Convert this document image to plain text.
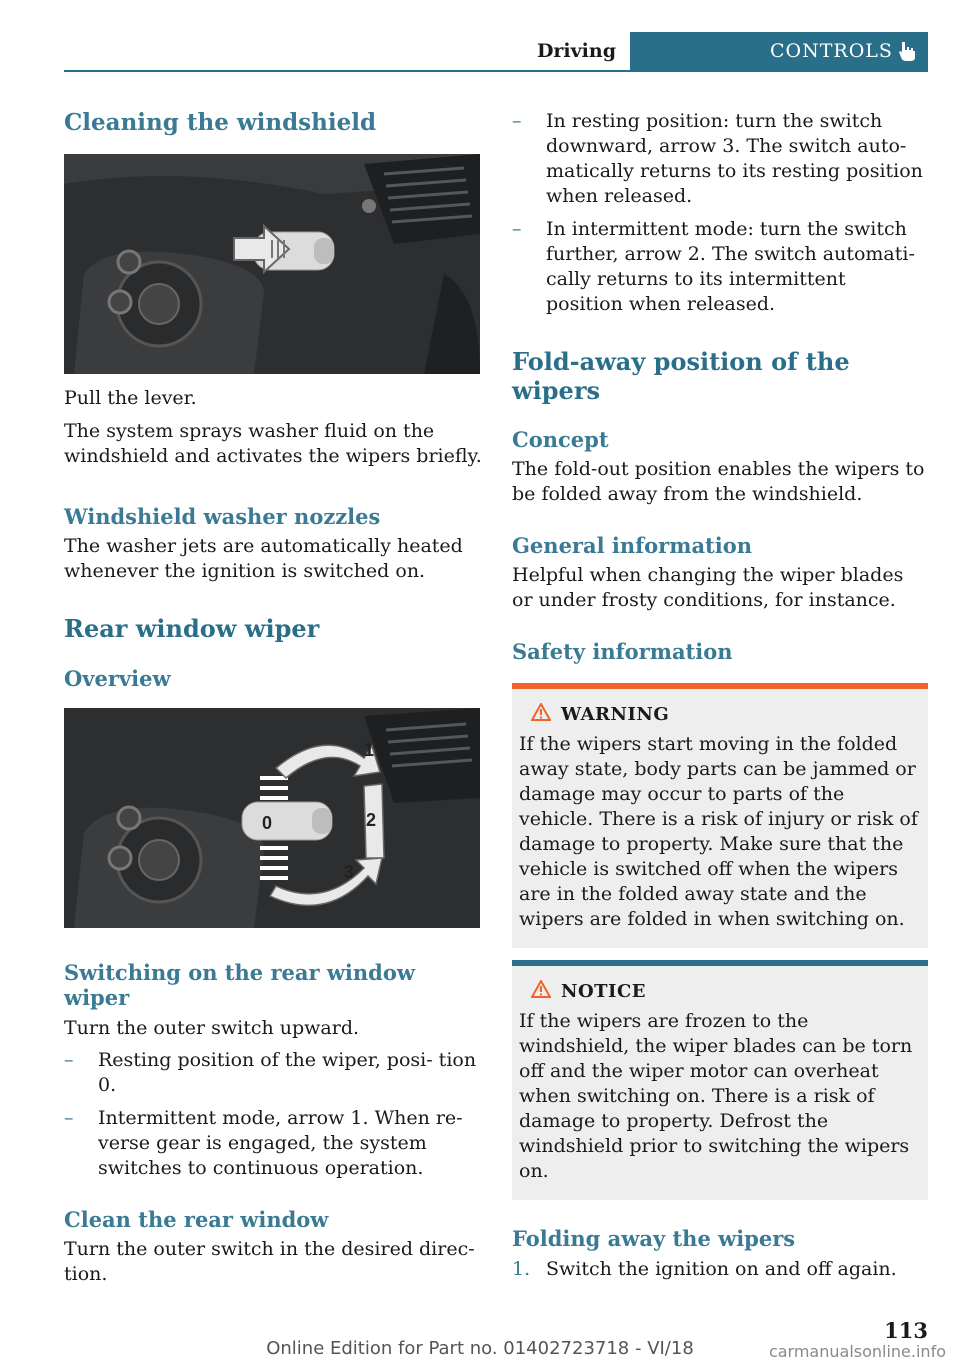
Driving	CONTROLS
Cleaning the windshield

Pull the lever.

The system sprays washer fluid on the windshield and activates the wipers briefly.

Windshield washer nozzles

The washer jets are automatically heated whenever the ignition is switched on.

Rear window wiper
Overview
0
1
2
3
Switching on the rear window wiper

Turn the outer switch upward.

– Resting position of the wiper, posi- tion 0.
– Intermittent mode, arrow 1. When re- verse gear is engaged, the system switches to continuous operation.
Clean the rear window

Turn the outer switch in the desired direc- tion.

– In resting position: turn the switch downward, arrow 3. The switch auto- matically returns to its resting position when released.
– In intermittent mode: turn the switch further, arrow 2. The switch automati- cally returns to its intermittent position when released.
Fold-away position of the wipers
Concept

The fold-out position enables the wipers to be folded away from the windshield.

General information

Helpful when changing the wiper blades or under frosty conditions, for instance.

Safety information
WARNING

If the wipers start moving in the folded away state, body parts can be jammed or damage may occur to parts of the vehicle. There is a risk of injury or risk of damage to property. Make sure that the vehicle is switched off when the wipers are in the folded away state and the wipers are folded in when switching on.

NOTICE

If the wipers are frozen to the windshield, the wiper blades can be torn off and the wiper motor can overheat when switching on. There is a risk of damage to property. Defrost the windshield prior to switching the wipers on.

Folding away the wipers
1. Switch the ignition on and off again.
113
Online Edition for Part no. 01402723718 - VI/18	carmanualsonline.info
